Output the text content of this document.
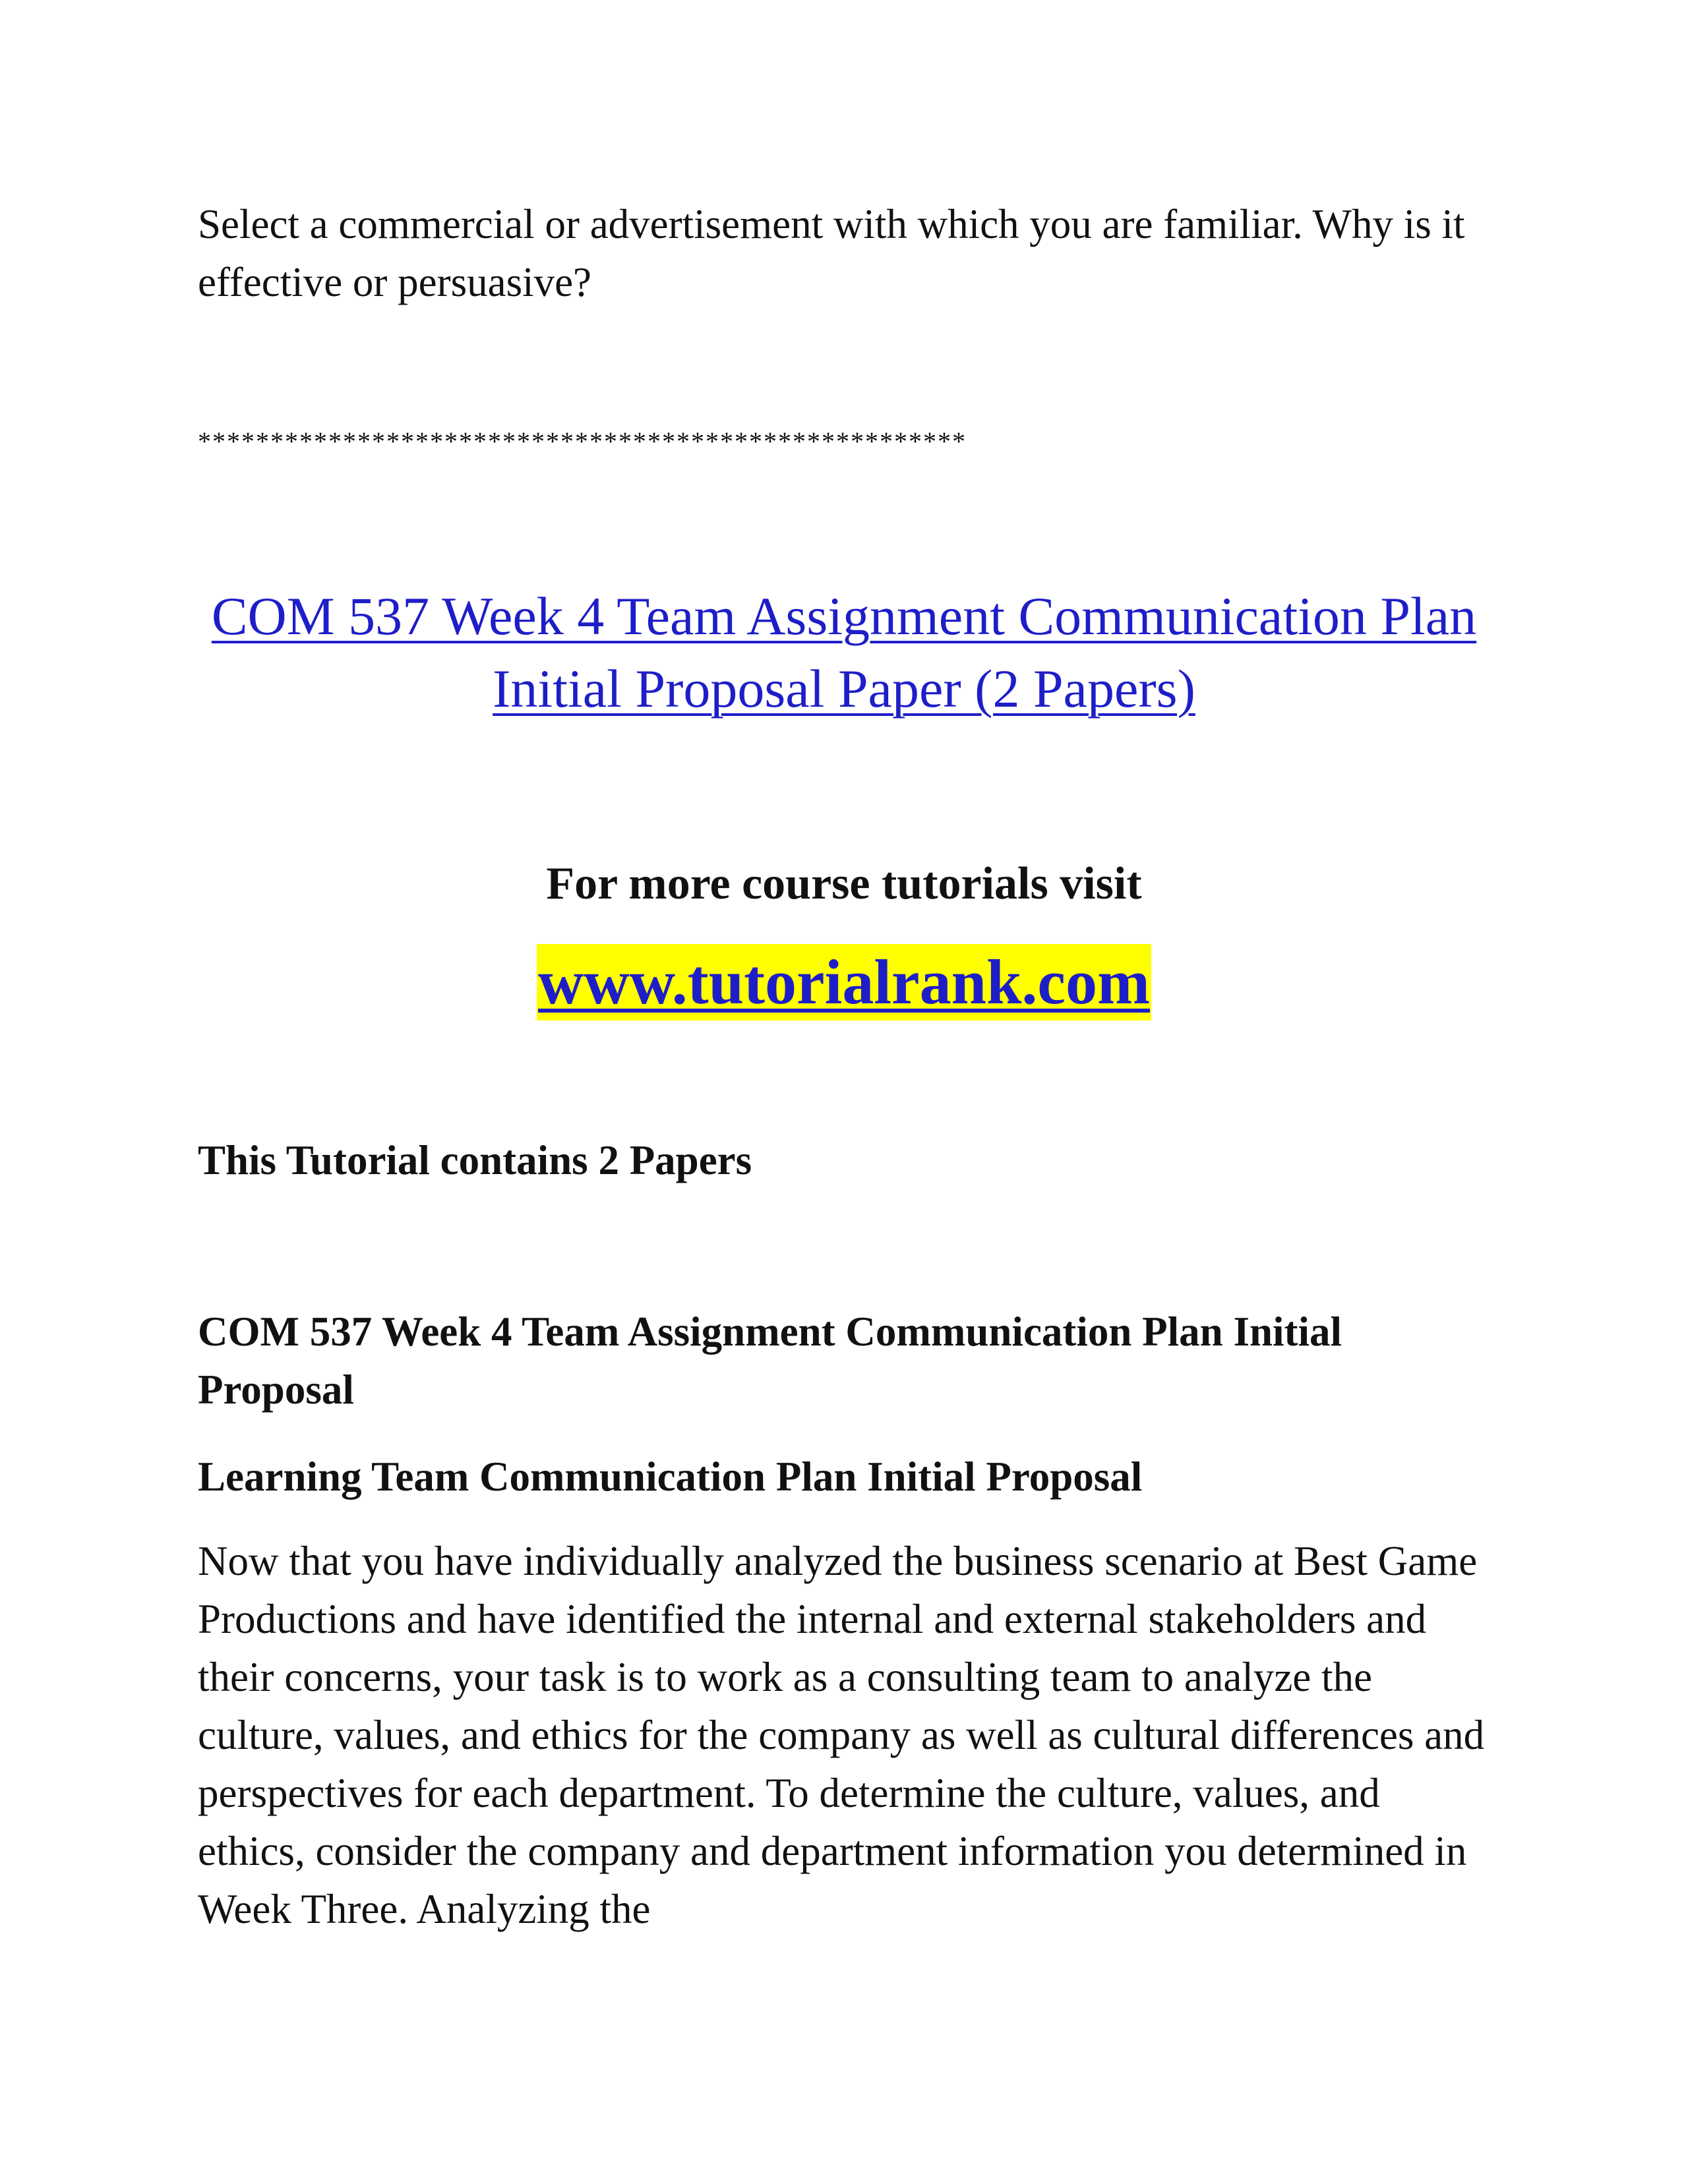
Select a commercial or advertisement with which you are familiar. Why is it effective or persuasive?

*****************************************************

COM 537 Week 4 Team Assignment Communication Plan Initial Proposal Paper (2 Papers)

For more course tutorials visit

www.tutorialrank.com

This Tutorial contains 2 Papers

COM 537 Week 4 Team Assignment Communication Plan Initial Proposal

Learning Team Communication Plan Initial Proposal

Now that you have individually analyzed the business scenario at Best Game Productions and have identified the internal and external stakeholders and their concerns, your task is to work as a consulting team to analyze the culture, values, and ethics for the company as well as cultural differences and perspectives for each department. To determine the culture, values, and ethics, consider the company and department information you determined in Week Three. Analyzing the
